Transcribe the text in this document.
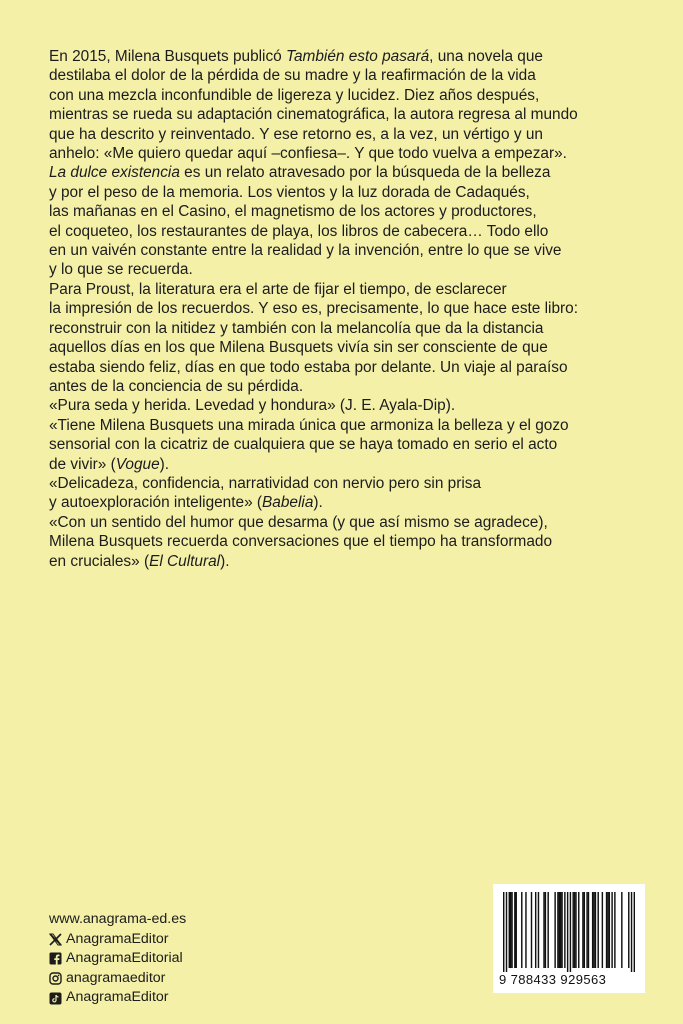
En 2015, Milena Busquets publicó También esto pasará, una novela que
destilaba el dolor de la pérdida de su madre y la reafirmación de la vida
con una mezcla inconfundible de ligereza y lucidez. Diez años después,
mientras se rueda su adaptación cinematográfica, la autora regresa al mundo
que ha descrito y reinventado. Y ese retorno es, a la vez, un vértigo y un
anhelo: «Me quiero quedar aquí –confiesa–. Y que todo vuelva a empezar».
La dulce existencia es un relato atravesado por la búsqueda de la belleza
y por el peso de la memoria. Los vientos y la luz dorada de Cadaqués,
las mañanas en el Casino, el magnetismo de los actores y productores,
el coqueteo, los restaurantes de playa, los libros de cabecera… Todo ello
en un vaivén constante entre la realidad y la invención, entre lo que se vive
y lo que se recuerda.
Para Proust, la literatura era el arte de fijar el tiempo, de esclarecer
la impresión de los recuerdos. Y eso es, precisamente, lo que hace este libro:
reconstruir con la nitidez y también con la melancolía que da la distancia
aquellos días en los que Milena Busquets vivía sin ser consciente de que
estaba siendo feliz, días en que todo estaba por delante. Un viaje al paraíso
antes de la conciencia de su pérdida.
«Pura seda y herida. Levedad y hondura» (J. E. Ayala-Dip).
«Tiene Milena Busquets una mirada única que armoniza la belleza y el gozo
sensorial con la cicatriz de cualquiera que se haya tomado en serio el acto
de vivir» (Vogue).
«Delicadeza, confidencia, narratividad con nervio pero sin prisa
y autoexploración inteligente» (Babelia).
«Con un sentido del humor que desarma (y que así mismo se agradece),
Milena Busquets recuerda conversaciones que el tiempo ha transformado
en cruciales» (El Cultural).
www.anagrama-ed.es
AnagramaEditor
AnagramaEditorial
anagramaeditor
AnagramaEditor
9 788433 929563
